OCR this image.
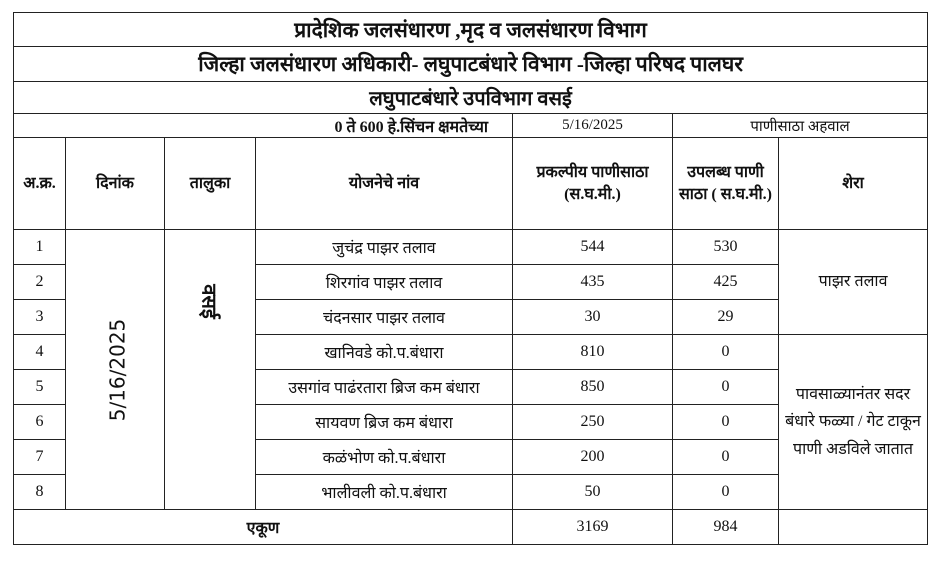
प्रादेशिक जलसंधारण ,मृद व जलसंधारण विभाग						
जिल्हा जलसंधारण अधिकारी- लघुपाटबंधारे विभाग -जिल्हा परिषद पालघर						
लघुपाटबंधारे उपविभाग वसई						
0 ते 600 हे.सिंचन क्षमतेच्या				5/16/2025	पाणीसाठा अहवाल	
अ.क्र.	दिनांक	तालुका	योजनेचे नांव	प्रकल्पीय पाणीसाठा (स.घ.मी.)	उपलब्ध पाणी साठा ( स.घ.मी.)	शेरा
1	5/16/2025	वसई	जुचंद्र पाझर तलाव	544	530	पाझर तलाव
2			शिरगांव पाझर तलाव	435	425	
3			चंदनसार पाझर तलाव	30	29	
4			खानिवडे को.प.बंधारा	810	0	पावसाळ्यानंतर सदर बंधारे फळ्या / गेट टाकून पाणी अडविले जातात
5			उसगांव पाढंरतारा ब्रिज कम बंधारा	850	0	
6			सायवण ब्रिज कम बंधारा	250	0	
7			कळंभोण को.प.बंधारा	200	0	
8			भालीवली को.प.बंधारा	50	0	
एकूण				3169	984	
